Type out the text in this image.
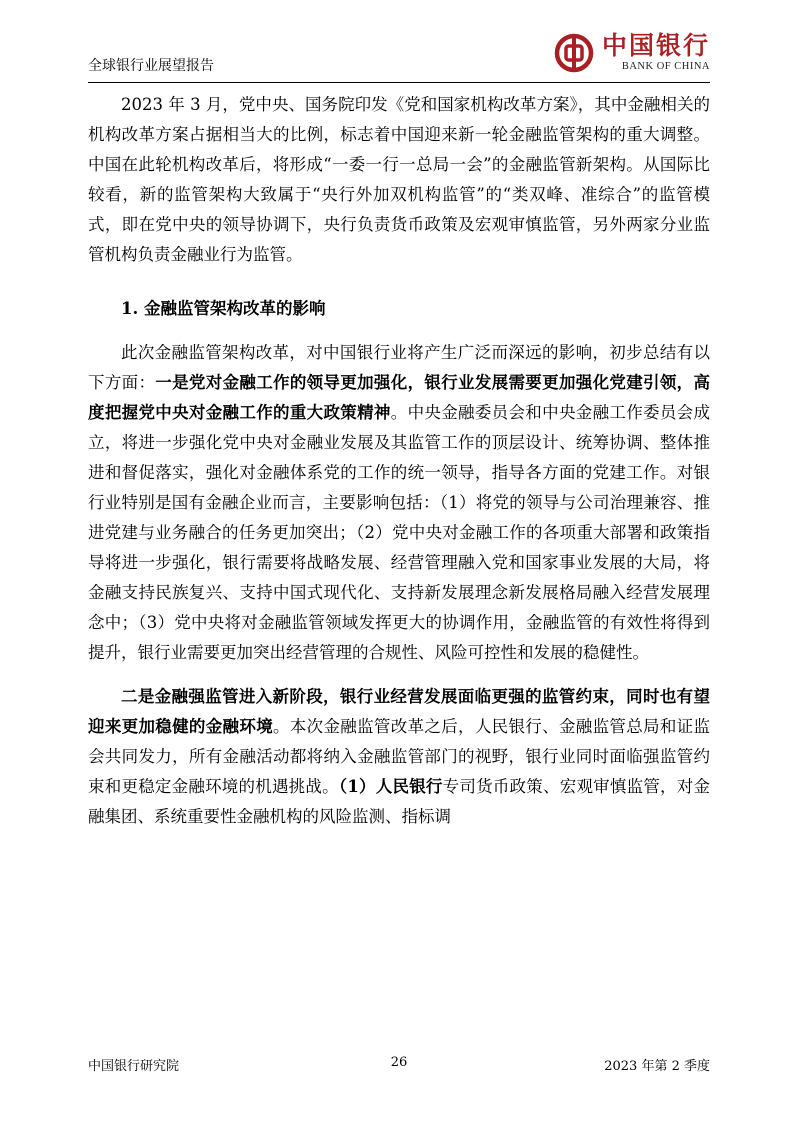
全球银行业展望报告
中国银行
BANK OF CHINA

2023 年 3 月，党中央、国务院印发《党和国家机构改革方案》，其中金融相关的机构改革方案占据相当大的比例，标志着中国迎来新一轮金融监管架构的重大调整。中国在此轮机构改革后，将形成“一委一行一总局一会”的金融监管新架构。从国际比较看，新的监管架构大致属于“央行外加双机构监管”的“类双峰、准综合”的监管模式，即在党中央的领导协调下，央行负责货币政策及宏观审慎监管，另外两家分业监管机构负责金融业行为监管。

1. 金融监管架构改革的影响

此次金融监管架构改革，对中国银行业将产生广泛而深远的影响，初步总结有以下方面：一是党对金融工作的领导更加强化，银行业发展需要更加强化党建引领，高度把握党中央对金融工作的重大政策精神。中央金融委员会和中央金融工作委员会成立，将进一步强化党中央对金融业发展及其监管工作的顶层设计、统筹协调、整体推进和督促落实，强化对金融体系党的工作的统一领导，指导各方面的党建工作。对银行业特别是国有金融企业而言，主要影响包括：（1）将党的领导与公司治理兼容、推进党建与业务融合的任务更加突出；（2）党中央对金融工作的各项重大部署和政策指导将进一步强化，银行需要将战略发展、经营管理融入党和国家事业发展的大局，将金融支持民族复兴、支持中国式现代化、支持新发展理念新发展格局融入经营发展理念中；（3）党中央将对金融监管领域发挥更大的协调作用，金融监管的有效性将得到提升，银行业需要更加突出经营管理的合规性、风险可控性和发展的稳健性。

二是金融强监管进入新阶段，银行业经营发展面临更强的监管约束，同时也有望迎来更加稳健的金融环境。本次金融监管改革之后，人民银行、金融监管总局和证监会共同发力，所有金融活动都将纳入金融监管部门的视野，银行业同时面临强监管约束和更稳定金融环境的机遇挑战。（1）人民银行专司货币政策、宏观审慎监管，对金融集团、系统重要性金融机构的风险监测、指标调

26
中国银行研究院	2023 年第 2 季度
